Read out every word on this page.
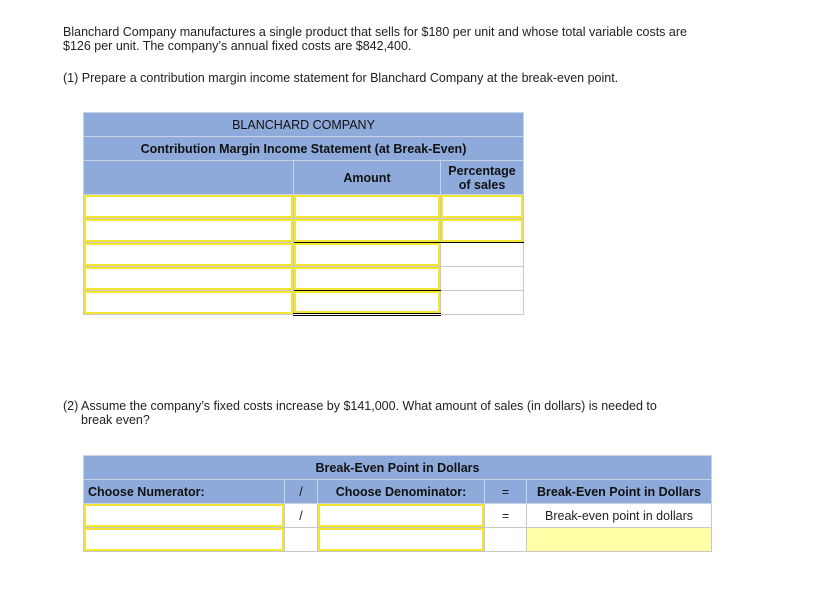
Blanchard Company manufactures a single product that sells for $180 per unit and whose total variable costs are $126 per unit. The company’s annual fixed costs are $842,400.

(1) Prepare a contribution margin income statement for Blanchard Company at the break-even point.

(2) Assume the company’s fixed costs increase by $141,000. What amount of sales (in dollars) is needed to
break even?

BLANCHARD COMPANY		
Contribution Margin Income Statement (at Break-Even)		
	Amount	Percentage
of sales

Break-Even Point in Dollars				
Choose Numerator:	/	Choose Denominator:	=	Break-Even Point in Dollars

	/		=	Break-even point in dollars
